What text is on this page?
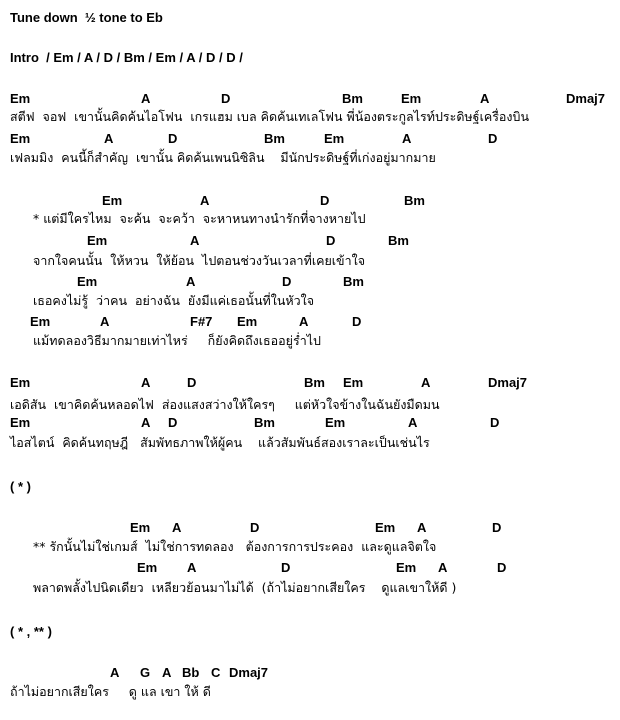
Tune down  ½ tone to Eb
Intro  / Em / A / D / Bm / Em / A / D / D /
Em	A	D	Bm	Em	A	Dmaj7
Em	A	D	Bm	Em	A	D
สตีฟ  จอฟ  เขานั้นคิดค้นไอโฟน  เกรแฮม เบล คิดค้นเทเลโฟน พี่น้องตระกูลไรท์ประดิษฐ์เครื่องบิน
เฟลมมิง  คนนี้ก็สำคัญ  เขานั้น คิดค้นเพนนิซิลิน    มีนักประดิษฐ์ที่เก่งอยู่มากมาย
Em	A	D	Bm
Em	A	D	Bm
Em	A	D	Bm
Em	A	F#7 Em	A	D
* แต่มีใครไหม  จะค้น  จะคว้า  จะหาหนทางนำรักที่จางหายไป
จากใจคนนั้น  ให้หวน  ให้ย้อน  ไปตอนช่วงวันเวลาที่เคยเข้าใจ
เธอคงไม่รู้  ว่าคน  อย่างฉัน  ยังมีแค่เธอนั้นที่ในหัวใจ
แม้ทดลองวิธีมากมายเท่าไหร่     ก็ยังคิดถึงเธออยู่ร่ำไป
Em	A	D	Bm Em	A	Dmaj7
Em	A D	Bm	Em	A	D
เอดิสัน  เขาคิดค้นหลอดไฟ  ส่องแสงสว่างให้ใครๆ     แต่หัวใจข้างในฉันยังมืดมน
ไอสไตน์  คิดค้นทฤษฎี   สัมพัทธภาพให้ผู้คน    แล้วสัมพันธ์สองเราละเป็นเช่นไร
Em A	D	Em A	D
Em A	D	Em A	D
** รักนั้นไม่ใช่เกมส์  ไม่ใช่การทดลอง   ต้องการการประคอง  และดูแลจิตใจ
พลาดพลั้งไปนิดเดียว  เหลียวย้อนมาไม่ได้  (ถ้าไม่อยากเสียใคร    ดูแลเขาให้ดี )
A G A Bb C Dmaj7
ถ้าไม่อยากเสียใคร     ดู แล เขา ให้ ดี
( * )
( * , ** )
